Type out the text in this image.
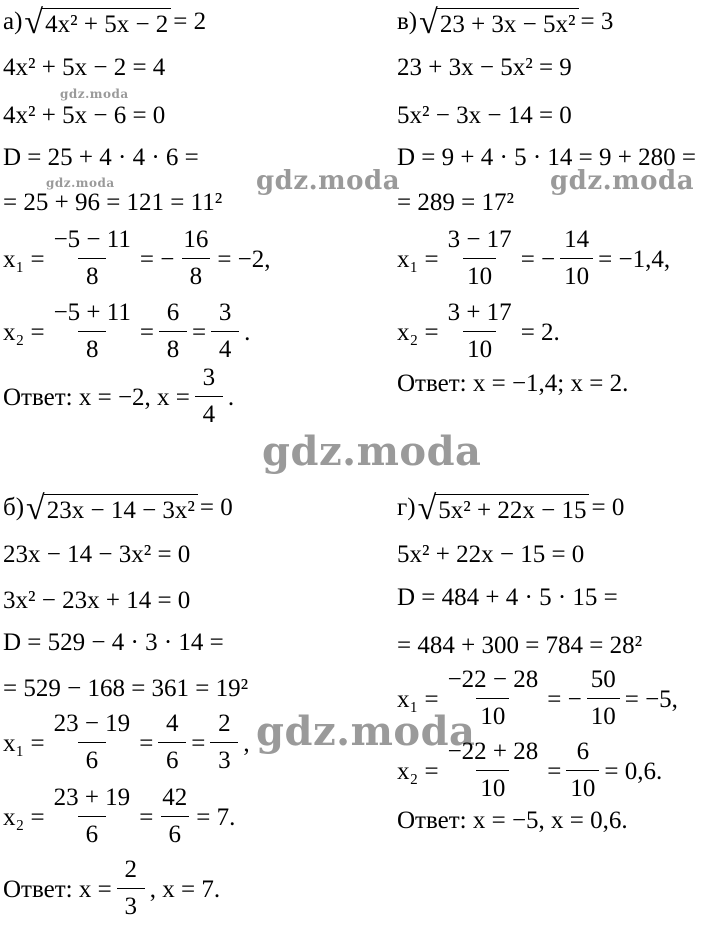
gdz.moda
gdz.moda	gdz.moda	gdz.moda
gdz.moda
gdz.moda
а) √ 4x² + 5x − 2 = 2
4x² + 5x − 2 = 4
4x² + 5x − 6 = 0
D = 25 + 4 · 4 · 6 =
= 25 + 96 = 121 = 11²
$x_1 = \frac{-5 - 11}{8}$ = − $\frac{16}{8} = -2$,
$x_2 = \frac{-5 + 11}{8} = \frac{6}{8} = \frac{3}{4}$ .
Ответ: x = −2, $x = \frac{3}{4}$ .
в) √ 23 + 3x − 5x² = 3
23 + 3x − 5x² = 9
5x² − 3x − 14 = 0
D = 9 + 4 · 5 · 14 = 9 + 280 =
= 289 = 17²
$x_1 = \frac{3 - 17}{10}$ = − $\frac{14}{10} = -1,4$,
$x_2 = \frac{3 + 17}{10} = 2$.
Ответ: x = −1,4; x = 2.
б) √ 23x − 14 − 3x² = 0
23x − 14 − 3x² = 0
3x² − 23x + 14 = 0
D = 529 − 4 · 3 · 14 =
= 529 − 168 = 361 = 19²
$x_1 = \frac{23 - 19}{6} = \frac{4}{6} = \frac{2}{3}$ ,
$x_2 = \frac{23 + 19}{6} = \frac{42}{6} = 7$.
Ответ: $x = \frac{2}{3}$ , x = 7.
г) √ 5x² + 22x − 15 = 0
5x² + 22x − 15 = 0
D = 484 + 4 · 5 · 15 =
= 484 + 300 = 784 = 28²
$x_1 = \frac{-22 - 28}{10}$ = − $\frac{50}{10} = -5$,
$x_2 = \frac{-22 + 28}{10} = \frac{6}{10} = 0,6$.
Ответ: x = −5, x = 0,6.
